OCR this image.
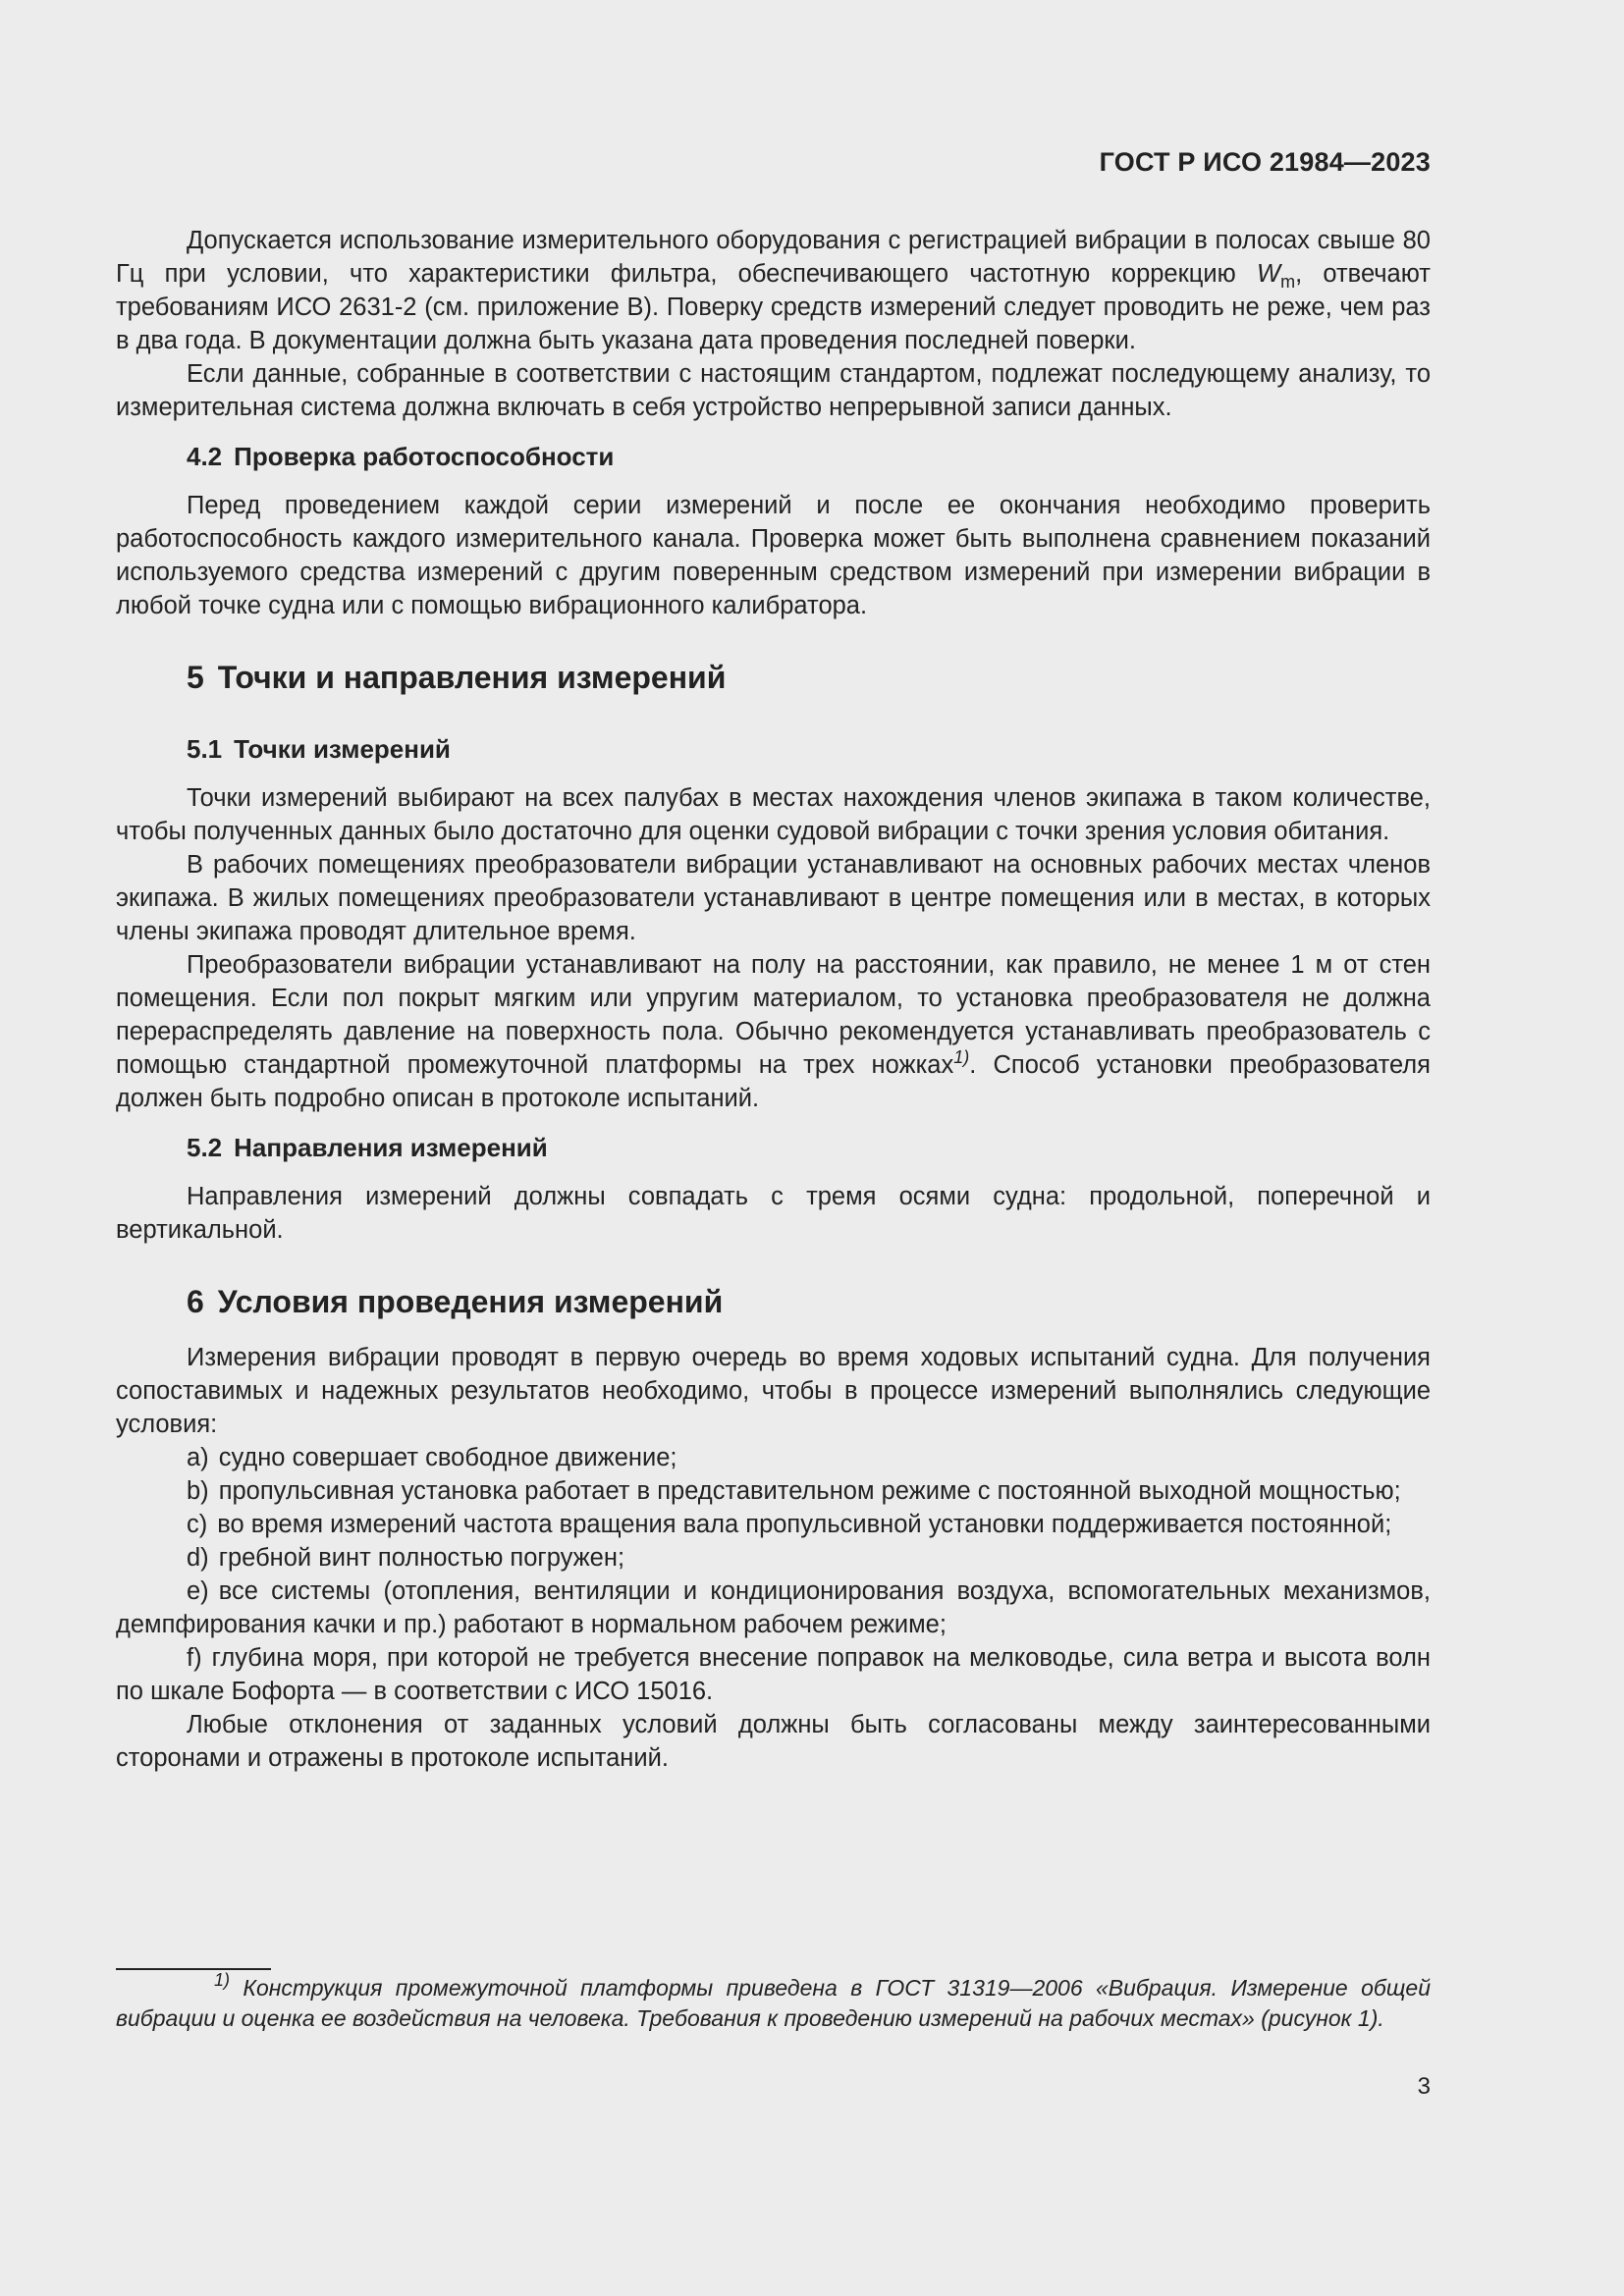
ГОСТ Р ИСО 21984—2023

Допускается использование измерительного оборудования с регистрацией вибрации в полосах свыше 80 Гц при условии, что характеристики фильтра, обеспечивающего частотную коррекцию $W_m$, отвечают требованиям ИСО 2631-2 (см. приложение В). Поверку средств измерений следует проводить не реже, чем раз в два года. В документации должна быть указана дата проведения последней поверки.

Если данные, собранные в соответствии с настоящим стандартом, подлежат последующему анализу, то измерительная система должна включать в себя устройство непрерывной записи данных.

4.2 Проверка работоспособности

Перед проведением каждой серии измерений и после ее окончания необходимо проверить работоспособность каждого измерительного канала. Проверка может быть выполнена сравнением показаний используемого средства измерений с другим поверенным средством измерений при измерении вибрации в любой точке судна или с помощью вибрационного калибратора.

5 Точки и направления измерений

5.1 Точки измерений

Точки измерений выбирают на всех палубах в местах нахождения членов экипажа в таком количестве, чтобы полученных данных было достаточно для оценки судовой вибрации с точки зрения условия обитания.

В рабочих помещениях преобразователи вибрации устанавливают на основных рабочих местах членов экипажа. В жилых помещениях преобразователи устанавливают в центре помещения или в местах, в которых члены экипажа проводят длительное время.

Преобразователи вибрации устанавливают на полу на расстоянии, как правило, не менее 1 м от стен помещения. Если пол покрыт мягким или упругим материалом, то установка преобразователя не должна перераспределять давление на поверхность пола. Обычно рекомендуется устанавливать преобразователь с помощью стандартной промежуточной платформы на трех ножках$^{1)}$. Способ установки преобразователя должен быть подробно описан в протоколе испытаний.

5.2 Направления измерений

Направления измерений должны совпадать с тремя осями судна: продольной, поперечной и вертикальной.

6 Условия проведения измерений

Измерения вибрации проводят в первую очередь во время ходовых испытаний судна. Для получения сопоставимых и надежных результатов необходимо, чтобы в процессе измерений выполнялись следующие условия:

a) судно совершает свободное движение;

b) пропульсивная установка работает в представительном режиме с постоянной выходной мощностью;

c) во время измерений частота вращения вала пропульсивной установки поддерживается постоянной;

d) гребной винт полностью погружен;

e) все системы (отопления, вентиляции и кондиционирования воздуха, вспомогательных механизмов, демпфирования качки и пр.) работают в нормальном рабочем режиме;

f) глубина моря, при которой не требуется внесение поправок на мелководье, сила ветра и высота волн по шкале Бофорта — в соответствии с ИСО 15016.

Любые отклонения от заданных условий должны быть согласованы между заинтересованными сторонами и отражены в протоколе испытаний.

$^{1)}$ Конструкция промежуточной платформы приведена в ГОСТ 31319—2006 «Вибрация. Измерение общей вибрации и оценка ее воздействия на человека. Требования к проведению измерений на рабочих местах» (рисунок 1).
3
